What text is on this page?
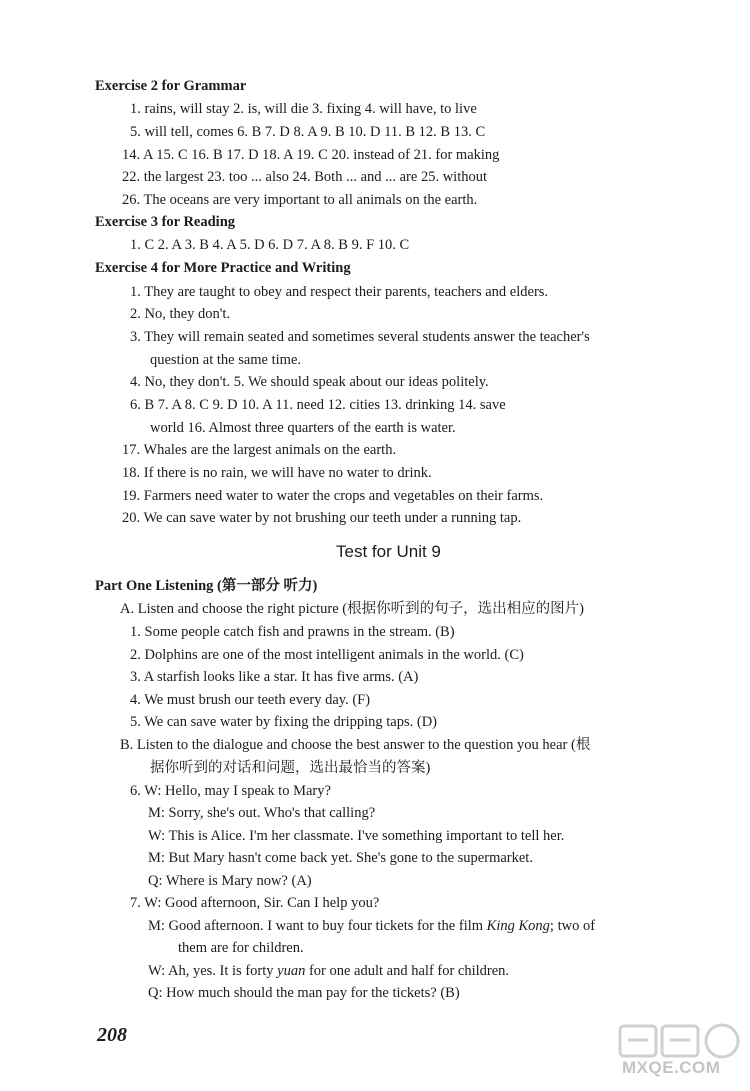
Exercise 2 for Grammar
1. rains, will stay 2. is, will die 3. fixing 4. will have, to live
5. will tell, comes 6. B 7. D 8. A 9. B 10. D 11. B 12. B 13. C
14. A 15. C 16. B 17. D 18. A 19. C 20. instead of 21. for making
22. the largest 23. too ... also 24. Both ... and ... are 25. without
26. The oceans are very important to all animals on the earth.
Exercise 3 for Reading
1. C 2. A 3. B 4. A 5. D 6. D 7. A 8. B 9. F 10. C
Exercise 4 for More Practice and Writing
1. They are taught to obey and respect their parents, teachers and elders.
2. No, they don't.
3. They will remain seated and sometimes several students answer the teacher's
question at the same time.
4. No, they don't. 5. We should speak about our ideas politely.
6. B 7. A 8. C 9. D 10. A 11. need 12. cities 13. drinking 14. save
world 16. Almost three quarters of the earth is water.
17. Whales are the largest animals on the earth.
18. If there is no rain, we will have no water to drink.
19. Farmers need water to water the crops and vegetables on their farms.
20. We can save water by not brushing our teeth under a running tap.
Test for Unit 9
Part One Listening (第一部分 听力)
A. Listen and choose the right picture (根据你听到的句子，选出相应的图片)
1. Some people catch fish and prawns in the stream. (B)
2. Dolphins are one of the most intelligent animals in the world. (C)
3. A starfish looks like a star. It has five arms. (A)
4. We must brush our teeth every day. (F)
5. We can save water by fixing the dripping taps. (D)
B. Listen to the dialogue and choose the best answer to the question you hear (根
据你听到的对话和问题，选出最恰当的答案)
6. W: Hello, may I speak to Mary?
M: Sorry, she's out. Who's that calling?
W: This is Alice. I'm her classmate. I've something important to tell her.
M: But Mary hasn't come back yet. She's gone to the supermarket.
Q: Where is Mary now? (A)
7. W: Good afternoon, Sir. Can I help you?
M: Good afternoon. I want to buy four tickets for the film King Kong; two of
them are for children.
W: Ah, yes. It is forty yuan for one adult and half for children.
Q: How much should the man pay for the tickets? (B)
208
MXQE.COM
